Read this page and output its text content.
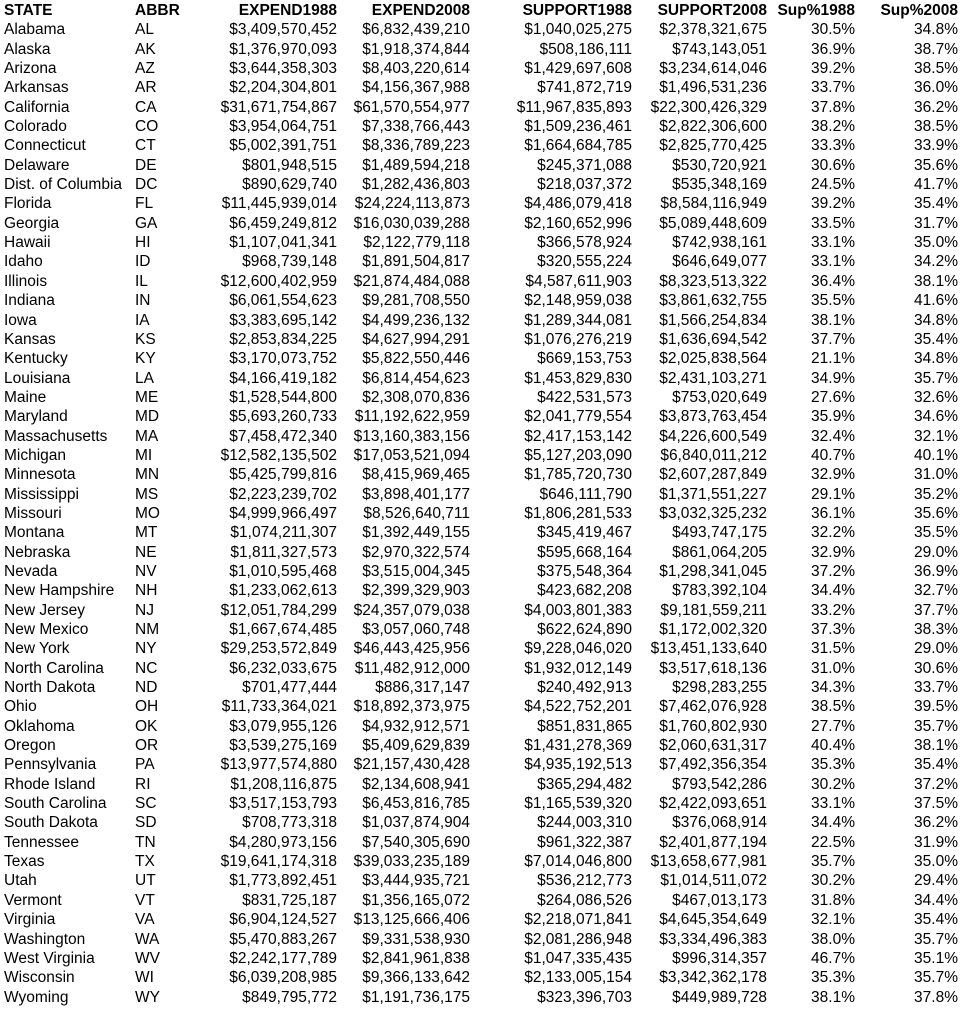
STATE	ABBR	EXPEND1988	EXPEND2008	SUPPORT1988	SUPPORT2008	Sup%1988	Sup%2008
Alabama	AL	$3,409,570,452	$6,832,439,210	$1,040,025,275	$2,378,321,675	30.5%	34.8%
Alaska	AK	$1,376,970,093	$1,918,374,844	$508,186,111	$743,143,051	36.9%	38.7%
Arizona	AZ	$3,644,358,303	$8,403,220,614	$1,429,697,608	$3,234,614,046	39.2%	38.5%
Arkansas	AR	$2,204,304,801	$4,156,367,988	$741,872,719	$1,496,531,236	33.7%	36.0%
California	CA	$31,671,754,867	$61,570,554,977	$11,967,835,893	$22,300,426,329	37.8%	36.2%
Colorado	CO	$3,954,064,751	$7,338,766,443	$1,509,236,461	$2,822,306,600	38.2%	38.5%
Connecticut	CT	$5,002,391,751	$8,336,789,223	$1,664,684,785	$2,825,770,425	33.3%	33.9%
Delaware	DE	$801,948,515	$1,489,594,218	$245,371,088	$530,720,921	30.6%	35.6%
Dist. of Columbia	DC	$890,629,740	$1,282,436,803	$218,037,372	$535,348,169	24.5%	41.7%
Florida	FL	$11,445,939,014	$24,224,113,873	$4,486,079,418	$8,584,116,949	39.2%	35.4%
Georgia	GA	$6,459,249,812	$16,030,039,288	$2,160,652,996	$5,089,448,609	33.5%	31.7%
Hawaii	HI	$1,107,041,341	$2,122,779,118	$366,578,924	$742,938,161	33.1%	35.0%
Idaho	ID	$968,739,148	$1,891,504,817	$320,555,224	$646,649,077	33.1%	34.2%
Illinois	IL	$12,600,402,959	$21,874,484,088	$4,587,611,903	$8,323,513,322	36.4%	38.1%
Indiana	IN	$6,061,554,623	$9,281,708,550	$2,148,959,038	$3,861,632,755	35.5%	41.6%
Iowa	IA	$3,383,695,142	$4,499,236,132	$1,289,344,081	$1,566,254,834	38.1%	34.8%
Kansas	KS	$2,853,834,225	$4,627,994,291	$1,076,276,219	$1,636,694,542	37.7%	35.4%
Kentucky	KY	$3,170,073,752	$5,822,550,446	$669,153,753	$2,025,838,564	21.1%	34.8%
Louisiana	LA	$4,166,419,182	$6,814,454,623	$1,453,829,830	$2,431,103,271	34.9%	35.7%
Maine	ME	$1,528,544,800	$2,308,070,836	$422,531,573	$753,020,649	27.6%	32.6%
Maryland	MD	$5,693,260,733	$11,192,622,959	$2,041,779,554	$3,873,763,454	35.9%	34.6%
Massachusetts	MA	$7,458,472,340	$13,160,383,156	$2,417,153,142	$4,226,600,549	32.4%	32.1%
Michigan	MI	$12,582,135,502	$17,053,521,094	$5,127,203,090	$6,840,011,212	40.7%	40.1%
Minnesota	MN	$5,425,799,816	$8,415,969,465	$1,785,720,730	$2,607,287,849	32.9%	31.0%
Mississippi	MS	$2,223,239,702	$3,898,401,177	$646,111,790	$1,371,551,227	29.1%	35.2%
Missouri	MO	$4,999,966,497	$8,526,640,711	$1,806,281,533	$3,032,325,232	36.1%	35.6%
Montana	MT	$1,074,211,307	$1,392,449,155	$345,419,467	$493,747,175	32.2%	35.5%
Nebraska	NE	$1,811,327,573	$2,970,322,574	$595,668,164	$861,064,205	32.9%	29.0%
Nevada	NV	$1,010,595,468	$3,515,004,345	$375,548,364	$1,298,341,045	37.2%	36.9%
New Hampshire	NH	$1,233,062,613	$2,399,329,903	$423,682,208	$783,392,104	34.4%	32.7%
New Jersey	NJ	$12,051,784,299	$24,357,079,038	$4,003,801,383	$9,181,559,211	33.2%	37.7%
New Mexico	NM	$1,667,674,485	$3,057,060,748	$622,624,890	$1,172,002,320	37.3%	38.3%
New York	NY	$29,253,572,849	$46,443,425,956	$9,228,046,020	$13,451,133,640	31.5%	29.0%
North Carolina	NC	$6,232,033,675	$11,482,912,000	$1,932,012,149	$3,517,618,136	31.0%	30.6%
North Dakota	ND	$701,477,444	$886,317,147	$240,492,913	$298,283,255	34.3%	33.7%
Ohio	OH	$11,733,364,021	$18,892,373,975	$4,522,752,201	$7,462,076,928	38.5%	39.5%
Oklahoma	OK	$3,079,955,126	$4,932,912,571	$851,831,865	$1,760,802,930	27.7%	35.7%
Oregon	OR	$3,539,275,169	$5,409,629,839	$1,431,278,369	$2,060,631,317	40.4%	38.1%
Pennsylvania	PA	$13,977,574,880	$21,157,430,428	$4,935,192,513	$7,492,356,354	35.3%	35.4%
Rhode Island	RI	$1,208,116,875	$2,134,608,941	$365,294,482	$793,542,286	30.2%	37.2%
South Carolina	SC	$3,517,153,793	$6,453,816,785	$1,165,539,320	$2,422,093,651	33.1%	37.5%
South Dakota	SD	$708,773,318	$1,037,874,904	$244,003,310	$376,068,914	34.4%	36.2%
Tennessee	TN	$4,280,973,156	$7,540,305,690	$961,322,387	$2,401,877,194	22.5%	31.9%
Texas	TX	$19,641,174,318	$39,033,235,189	$7,014,046,800	$13,658,677,981	35.7%	35.0%
Utah	UT	$1,773,892,451	$3,444,935,721	$536,212,773	$1,014,511,072	30.2%	29.4%
Vermont	VT	$831,725,187	$1,356,165,072	$264,086,526	$467,013,173	31.8%	34.4%
Virginia	VA	$6,904,124,527	$13,125,666,406	$2,218,071,841	$4,645,354,649	32.1%	35.4%
Washington	WA	$5,470,883,267	$9,331,538,930	$2,081,286,948	$3,334,496,383	38.0%	35.7%
West Virginia	WV	$2,242,177,789	$2,841,961,838	$1,047,335,435	$996,314,357	46.7%	35.1%
Wisconsin	WI	$6,039,208,985	$9,366,133,642	$2,133,005,154	$3,342,362,178	35.3%	35.7%
Wyoming	WY	$849,795,772	$1,191,736,175	$323,396,703	$449,989,728	38.1%	37.8%
